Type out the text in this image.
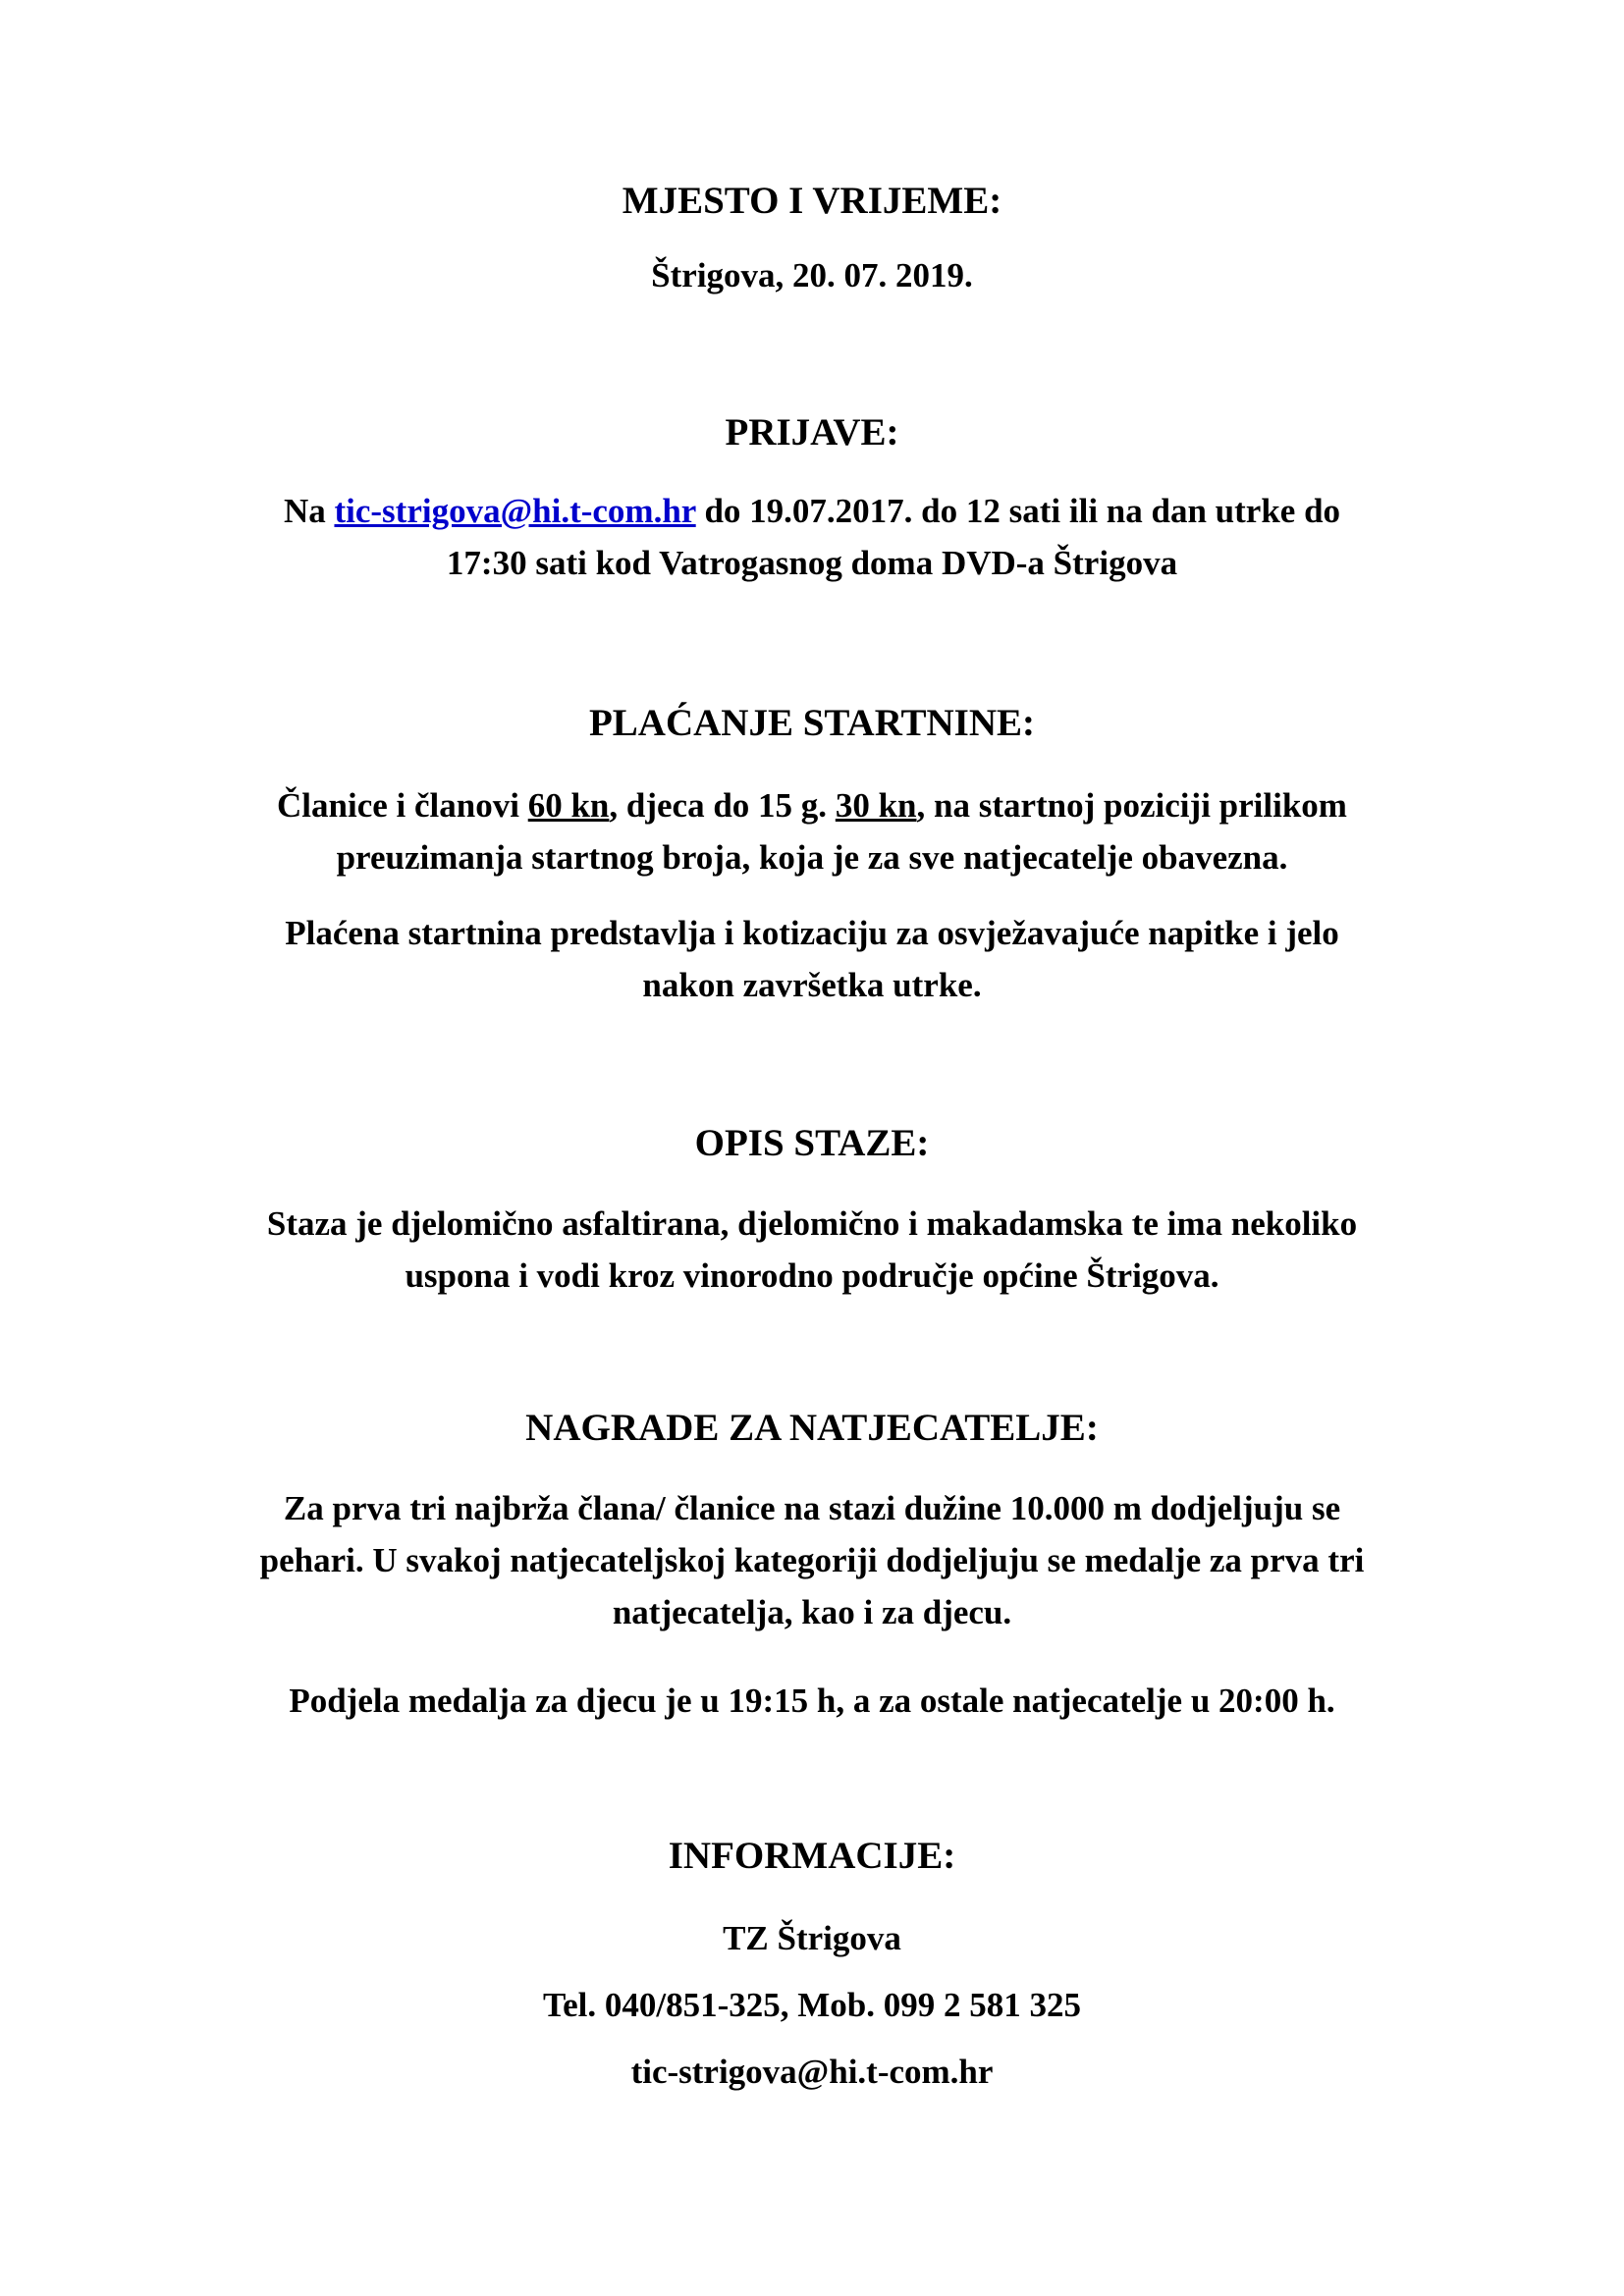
MJESTO I VRIJEME:

Štrigova, 20. 07. 2019.

PRIJAVE:

Na tic-strigova@hi.t-com.hr do 19.07.2017. do 12 sati ili na dan utrke do

17:30 sati kod Vatrogasnog doma DVD-a Štrigova

PLAĆANJE STARTNINE:

Članice i članovi 60 kn, djeca do 15 g. 30 kn, na startnoj poziciji prilikom

preuzimanja startnog broja, koja je za sve natjecatelje obavezna.

Plaćena startnina predstavlja i kotizaciju za osvježavajuće napitke i jelo

nakon završetka utrke.

OPIS STAZE:

Staza je djelomično asfaltirana, djelomično i makadamska te ima nekoliko

uspona i vodi kroz vinorodno područje općine Štrigova.

NAGRADE ZA NATJECATELJE:

Za prva tri najbrža člana/ članice na stazi dužine 10.000 m dodjeljuju se

pehari. U svakoj natjecateljskoj kategoriji dodjeljuju se medalje za prva tri

natjecatelja, kao i za djecu.

Podjela medalja za djecu je u 19:15 h, a za ostale natjecatelje u 20:00 h.

INFORMACIJE:

TZ Štrigova

Tel. 040/851-325, Mob. 099 2 581 325

tic-strigova@hi.t-com.hr
